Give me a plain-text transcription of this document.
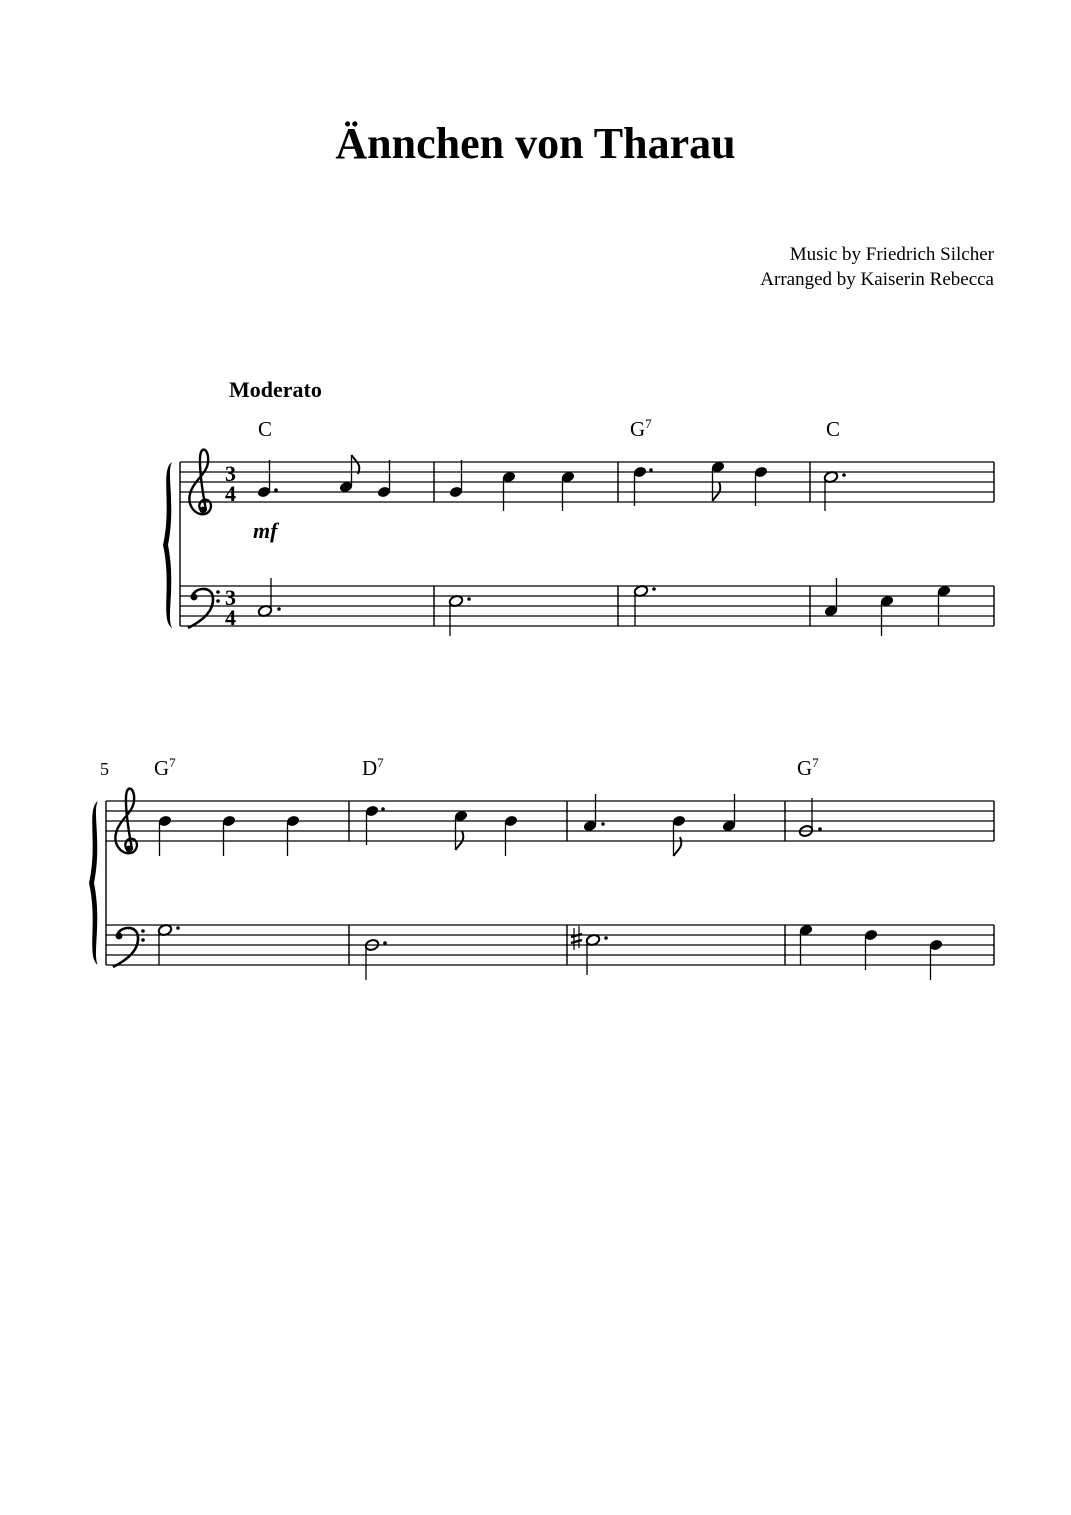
Ännchen von Tharau
Music by Friedrich Silcher
Arranged by Kaiserin Rebecca
Moderato
C	$G^7$	C
3
4
3
4
mf
5 $G^7$	$D^7$	$G^7$
